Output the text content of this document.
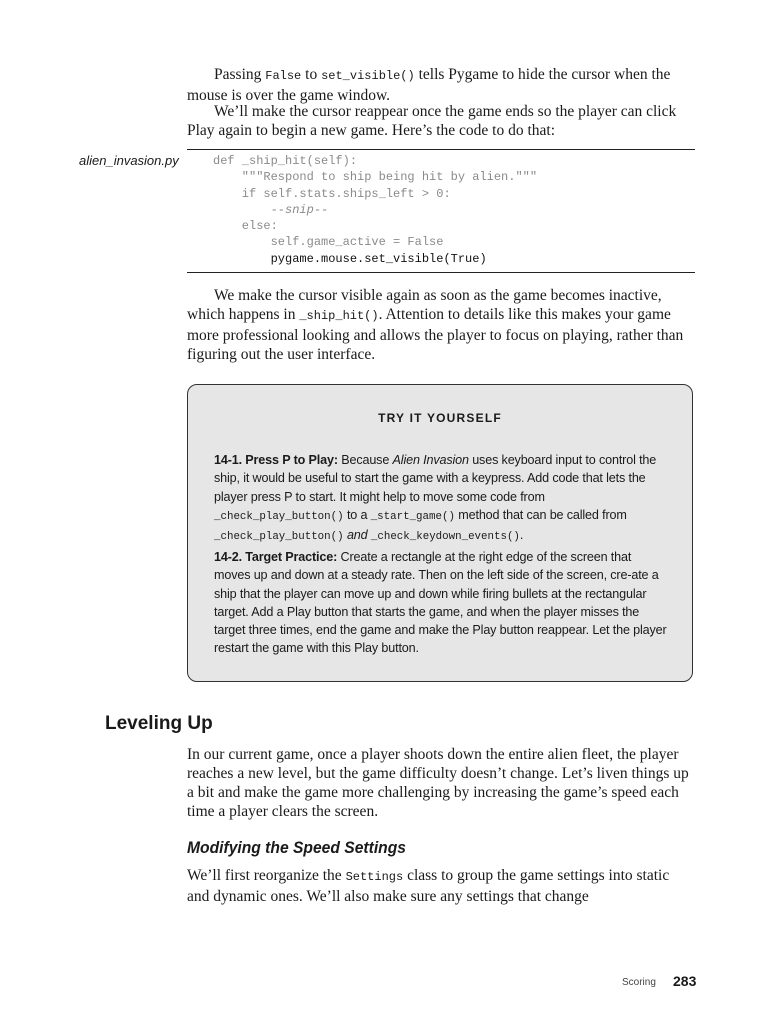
Passing False to set_visible() tells Pygame to hide the cursor when the mouse is over the game window.

We’ll make the cursor reappear once the game ends so the player can click Play again to begin a new game. Here’s the code to do that:

alien_invasion.py	def _ship_hit(self):
"""Respond to ship being hit by alien."""
if self.stats.ships_left > 0:
--snip--
else:
self.game_active = False
pygame.mouse.set_visible(True)

We make the cursor visible again as soon as the game becomes inactive, which happens in _ship_hit(). Attention to details like this makes your game more professional looking and allows the player to focus on playing, rather than figuring out the user interface.

TRY IT YOURSELF

14-1. Press P to Play: Because Alien Invasion uses keyboard input to control the ship, it would be useful to start the game with a keypress. Add code that lets the player press P to start. It might help to move some code from _check_play_button() to a _start_game() method that can be called from _check_play_button() and _check_keydown_events().

14-2. Target Practice: Create a rectangle at the right edge of the screen that moves up and down at a steady rate. Then on the left side of the screen, cre-ate a ship that the player can move up and down while firing bullets at the rectangular target. Add a Play button that starts the game, and when the player misses the target three times, end the game and make the Play button reappear. Let the player restart the game with this Play button.

Leveling Up

In our current game, once a player shoots down the entire alien fleet, the player reaches a new level, but the game difficulty doesn’t change. Let’s liven things up a bit and make the game more challenging by increasing the game’s speed each time a player clears the screen.

Modifying the Speed Settings

We’ll first reorganize the Settings class to group the game settings into static and dynamic ones. We’ll also make sure any settings that change

Scoring 283
